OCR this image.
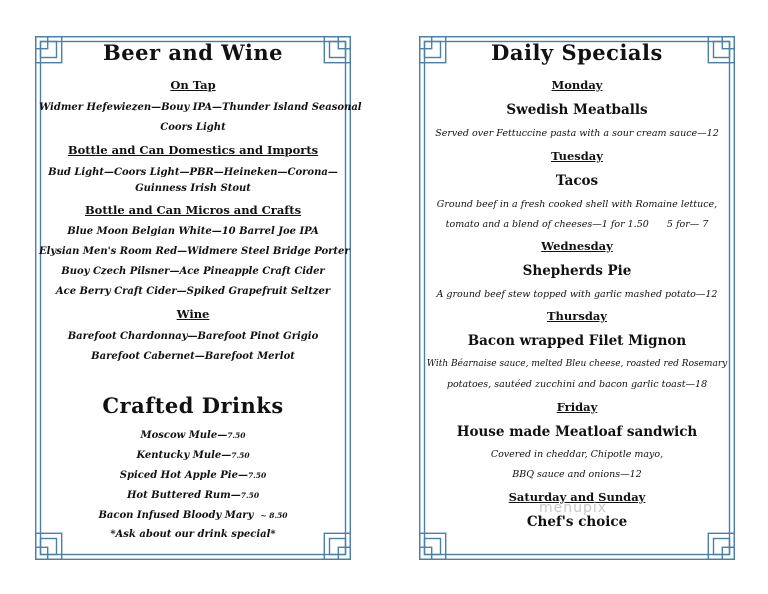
Beer and Wine
On Tap
Widmer Hefewiezen—Bouy IPA—Thunder Island Seasonal
Coors Light
Bottle and Can Domestics and Imports
Bud Light—Coors Light—PBR—Heineken—Corona—
Guinness Irish Stout
Bottle and Can Micros and Crafts
Blue Moon Belgian White—10 Barrel Joe IPA
Elysian Men's Room Red—Widmere Steel Bridge Porter
Buoy Czech Pilsner—Ace Pineapple Craft Cider
Ace Berry Craft Cider—Spiked Grapefruit Seltzer
Wine
Barefoot Chardonnay—Barefoot Pinot Grigio
Barefoot Cabernet—Barefoot Merlot
Crafted Drinks
Moscow Mule—7.50
Kentucky Mule—7.50
Spiced Hot Apple Pie—7.50
Hot Buttered Rum—7.50
Bacon Infused Bloody Mary ~ 8.50
*Ask about our drink special*
Daily Specials
Monday
Swedish Meatballs
Served over Fettuccine pasta with a sour cream sauce—12
Tuesday
Tacos
Ground beef in a fresh cooked shell with Romaine lettuce,
tomato and a blend of cheeses—1 for 1.50      5 for— 7
Wednesday
Shepherds Pie
A ground beef stew topped with garlic mashed potato—12
Thursday
Bacon wrapped Filet Mignon
With Béarnaise sauce, melted Bleu cheese, roasted red Rosemary
potatoes, sautéed zucchini and bacon garlic toast—18
Friday
House made Meatloaf sandwich
Covered in cheddar, Chipotle mayo,
BBQ sauce and onions—12
Saturday and Sunday
Chef's choice
menupix
